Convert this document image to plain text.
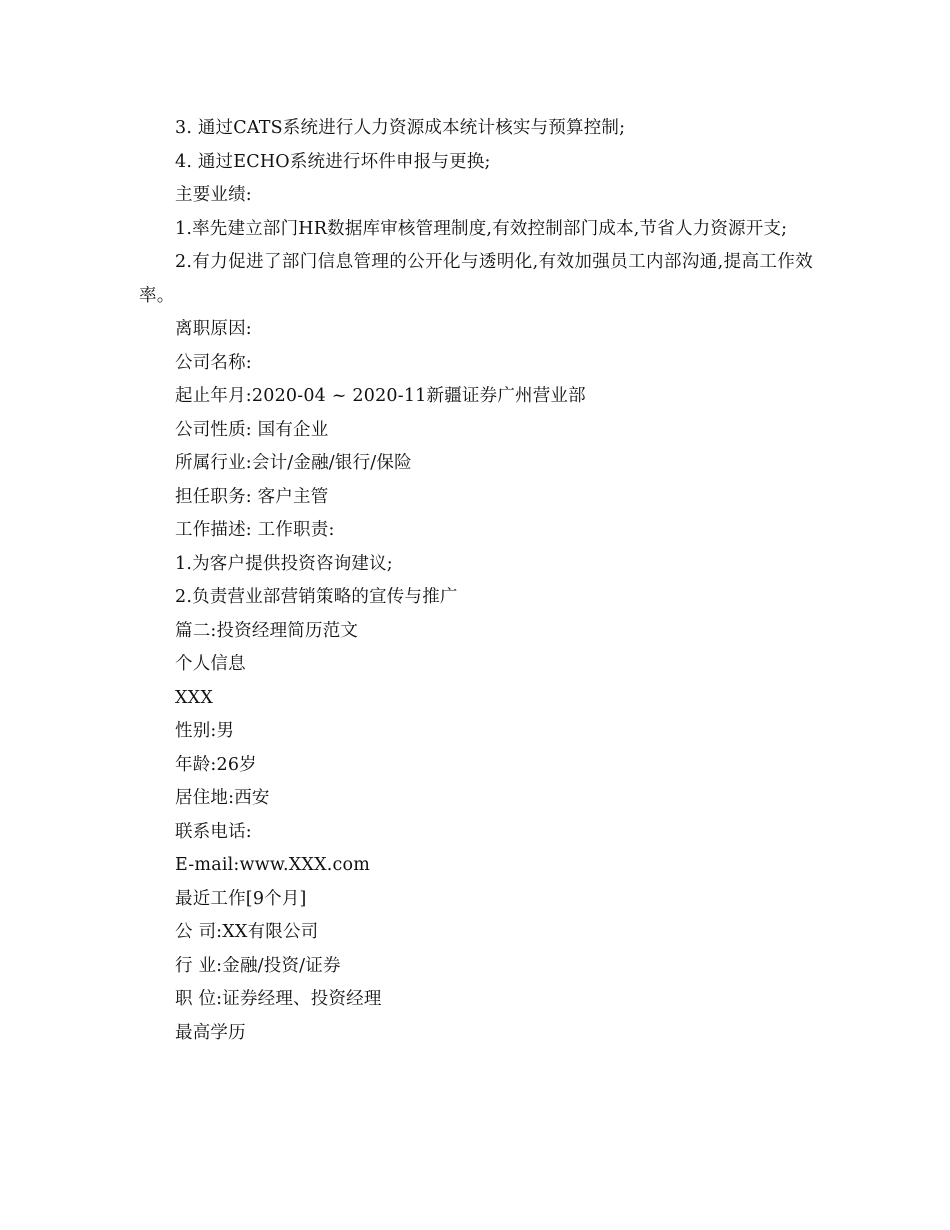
3. 通过CATS系统进行人力资源成本统计核实与预算控制;

4. 通过ECHO系统进行坏件申报与更换;

主要业绩:

1.率先建立部门HR数据库审核管理制度,有效控制部门成本,节省人力资源开支;

2.有力促进了部门信息管理的公开化与透明化,有效加强员工内部沟通,提高工作效率。

离职原因:

公司名称:

起止年月:2020-04 ~ 2020-11新疆证券广州营业部

公司性质: 国有企业

所属行业:会计/金融/银行/保险

担任职务: 客户主管

工作描述: 工作职责:

1.为客户提供投资咨询建议;

2.负责营业部营销策略的宣传与推广

篇二:投资经理简历范文

个人信息

XXX

性别:男

年龄:26岁

居住地:西安

联系电话:

E-mail:www.XXX.com

最近工作[9个月]

公 司:XX有限公司

行 业:金融/投资/证券

职 位:证券经理、投资经理

最高学历
